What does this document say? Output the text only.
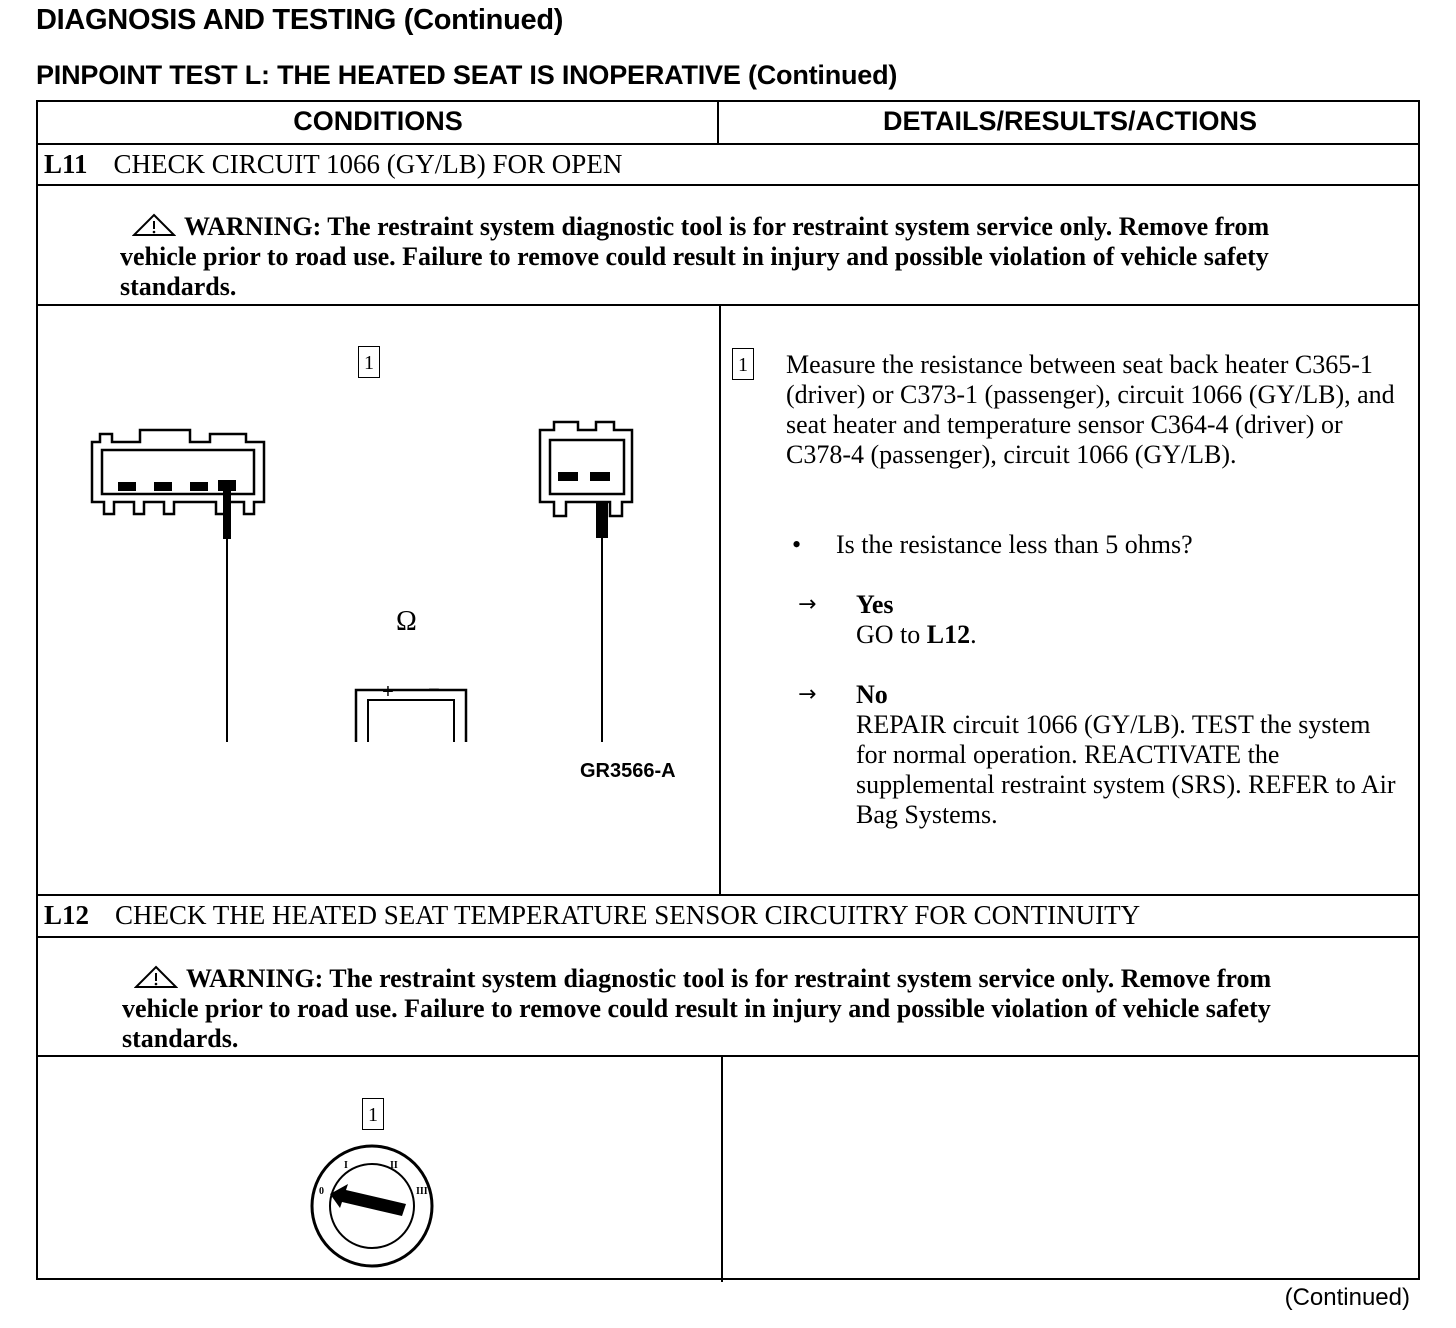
DIAGNOSIS AND TESTING (Continued)
PINPOINT TEST L: THE HEATED SEAT IS INOPERATIVE (Continued)
CONDITIONS	DETAILS/RESULTS/ACTIONS
L11 CHECK CIRCUIT 1066 (GY/LB) FOR OPEN
WARNING: The restraint system diagnostic tool is for restraint system service only. Remove from vehicle prior to road use. Failure to remove could result in injury and possible violation of vehicle safety standards.
1
Ω
+ −
GR3566-A
1 Measure the resistance between seat back heater C365-1 (driver) or C373-1 (passenger), circuit 1066 (GY/LB), and seat heater and temperature sensor C364-4 (driver) or C378-4 (passenger), circuit 1066 (GY/LB).
• Is the resistance less than 5 ohms?
→ Yes
GO to L12.
→ No
REPAIR circuit 1066 (GY/LB). TEST the system for normal operation. REACTIVATE the supplemental restraint system (SRS). REFER to Air Bag Systems.
L12 CHECK THE HEATED SEAT TEMPERATURE SENSOR CIRCUITRY FOR CONTINUITY
WARNING: The restraint system diagnostic tool is for restraint system service only. Remove from vehicle prior to road use. Failure to remove could result in injury and possible violation of vehicle safety standards.
1
0
I	II
III
(Continued)
